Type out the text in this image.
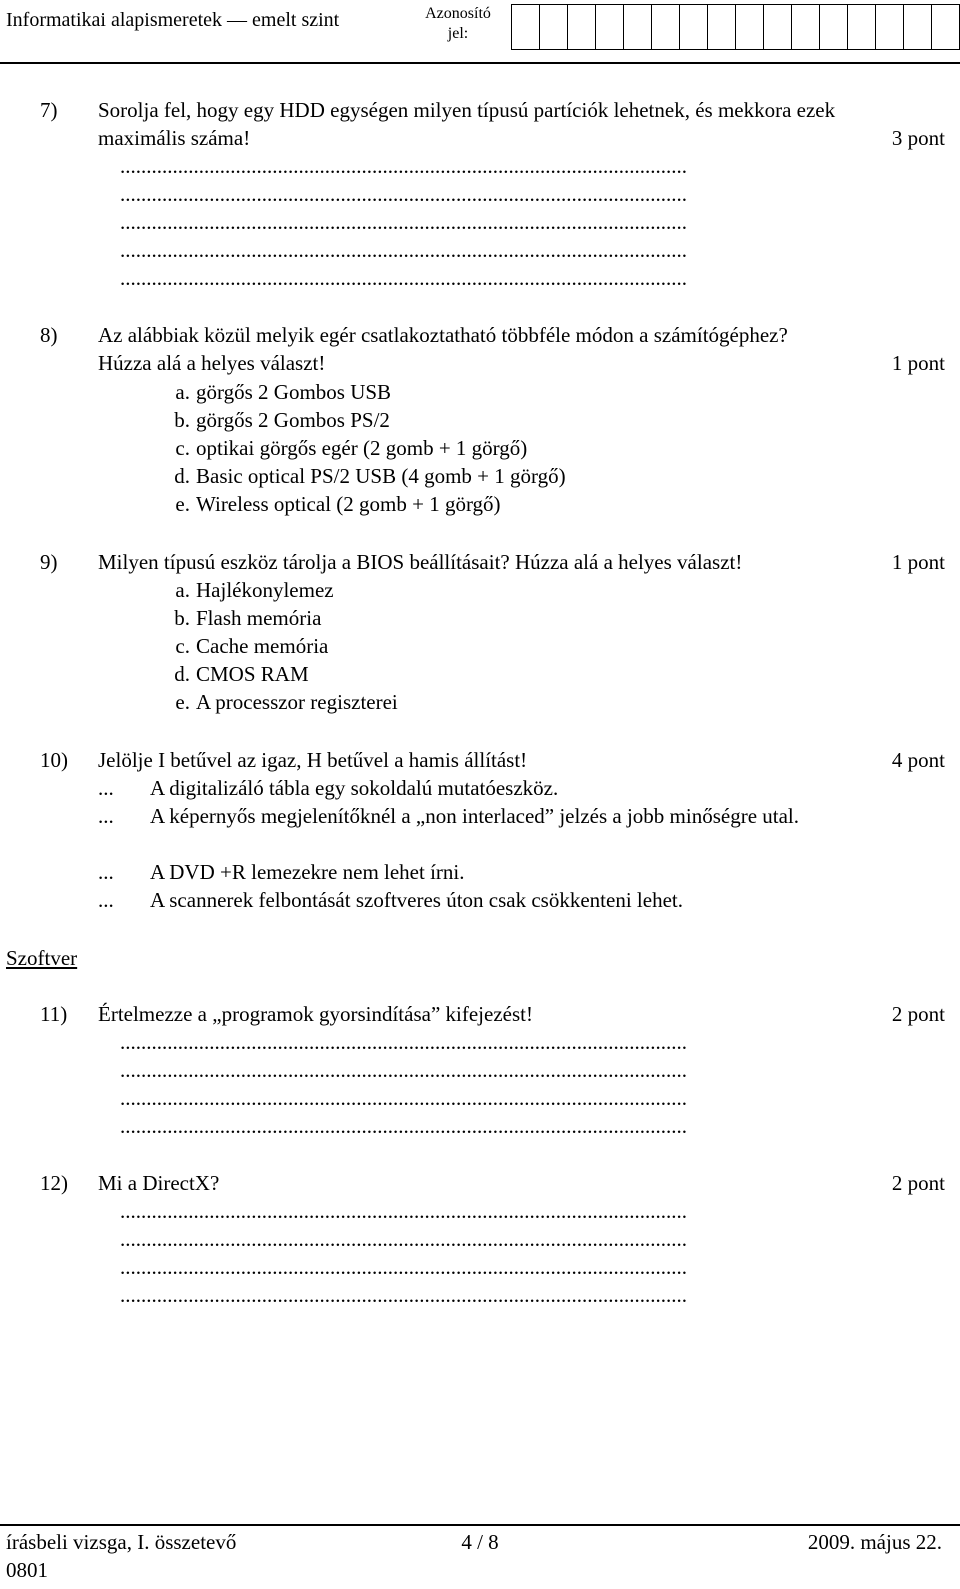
Informatikai alapismeretek — emelt szint	Azonosító jel:
7) Sorolja fel, hogy egy HDD egységen milyen típusú partíciók lehetnek, és mekkora ezek maximális száma!	3 pont
............................................................................................................
............................................................................................................
............................................................................................................
............................................................................................................
............................................................................................................
8) Az alábbiak közül melyik egér csatlakoztatható többféle módon a számítógéphez? Húzza alá a helyes választ!	1 pont
a. görgős 2 Gombos USB
b. görgős 2 Gombos PS/2
c. optikai görgős egér (2 gomb + 1 görgő)
d. Basic optical PS/2 USB (4 gomb + 1 görgő)
e. Wireless optical (2 gomb + 1 görgő)
9) Milyen típusú eszköz tárolja a BIOS beállításait? Húzza alá a helyes választ!	1 pont
a. Hajlékonylemez
b. Flash memória
c. Cache memória
d. CMOS RAM
e. A processzor regiszterei
10) Jelölje I betűvel az igaz, H betűvel a hamis állítást!	4 pont
... A digitalizáló tábla egy sokoldalú mutatóeszköz.
... A képernyős megjelenítőknél a „non interlaced” jelzés a jobb minőségre utal.
... A DVD +R lemezekre nem lehet írni.
... A scannerek felbontását szoftveres úton csak csökkenteni lehet.
Szoftver
11) Értelmezze a „programok gyorsindítása” kifejezést!	2 pont
............................................................................................................
............................................................................................................
............................................................................................................
............................................................................................................
12) Mi a DirectX?	2 pont
............................................................................................................
............................................................................................................
............................................................................................................
............................................................................................................
4 / 8
írásbeli vizsga, I. összetevő	2009. május 22.
0801
